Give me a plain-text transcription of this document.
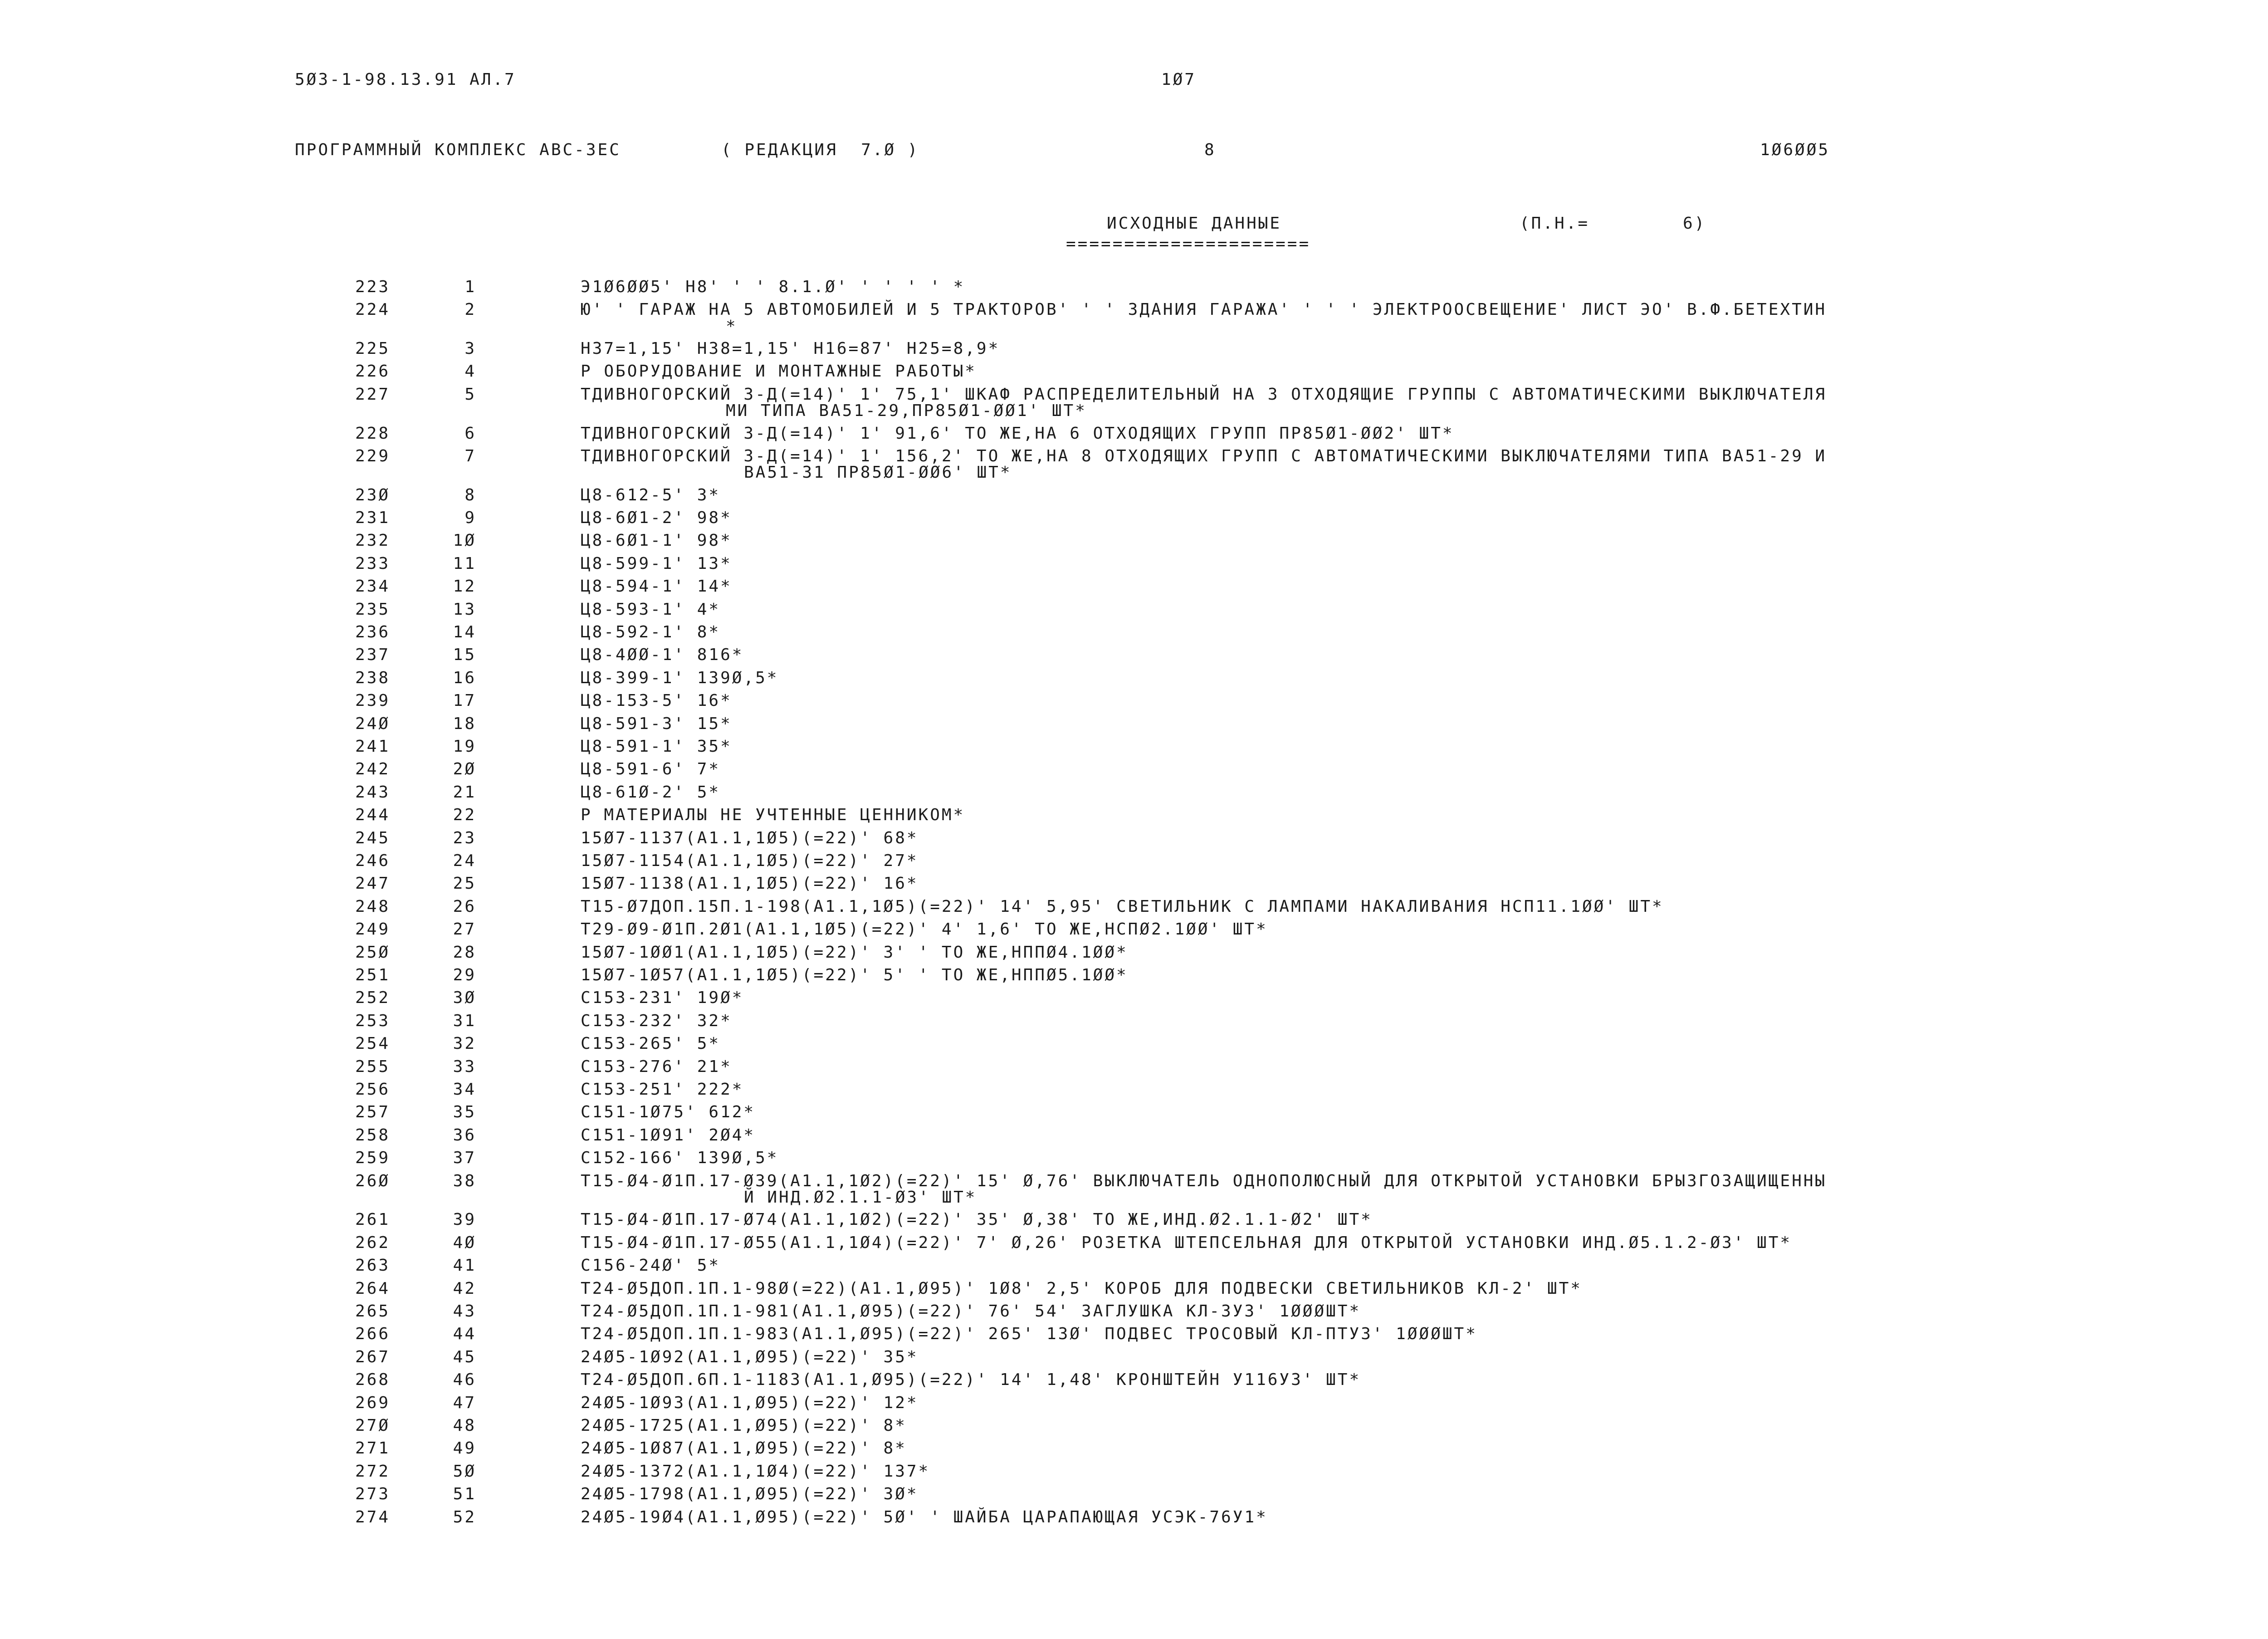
5Ø3-1-98.13.91 АЛ.7	1Ø7
ПРОГРАММНЫЙ КОМПЛЕКС АВС-3ЕС	( РЕДАКЦИЯ  7.Ø )	8	1Ø6ØØ5
ИСХОДНЫЕ ДАННЫЕ
=====================
(П.Н.=	6)
223	1	Э1Ø6ØØ5' Н8' ' ' 8.1.Ø' ' ' ' ' *
224	2	Ю' ' ГАРАЖ НА 5 АВТОМОБИЛЕЙ И 5 ТРАКТОРОВ' ' ' ЗДАНИЯ ГАРАЖА' ' ' ' ЭЛЕКТРООСВЕЩЕНИЕ' ЛИСТ ЭО' В.Ф.БЕТЕХТИН
*
225	3	Н37=1,15' Н38=1,15' Н16=87' Н25=8,9*
226	4	Р ОБОРУДОВАНИЕ И МОНТАЖНЫЕ РАБОТЫ*
227	5	ТДИВНОГОРСКИЙ З-Д(=14)' 1' 75,1' ШКАФ РАСПРЕДЕЛИТЕЛЬНЫЙ НА 3 ОТХОДЯЩИЕ ГРУППЫ С АВТОМАТИЧЕСКИМИ ВЫКЛЮЧАТЕЛЯ
МИ ТИПА ВА51-29,ПР85Ø1-ØØ1' ШТ*
228	6	ТДИВНОГОРСКИЙ З-Д(=14)' 1' 91,6' ТО ЖЕ,НА 6 ОТХОДЯЩИХ ГРУПП ПР85Ø1-ØØ2' ШТ*
229	7	ТДИВНОГОРСКИЙ З-Д(=14)' 1' 156,2' ТО ЖЕ,НА 8 ОТХОДЯЩИХ ГРУПП С АВТОМАТИЧЕСКИМИ ВЫКЛЮЧАТЕЛЯМИ ТИПА ВА51-29 И
ВА51-31 ПР85Ø1-ØØ6' ШТ*
23Ø	8	Ц8-612-5' 3*
231	9	Ц8-6Ø1-2' 98*
232	1Ø	Ц8-6Ø1-1' 98*
233	11	Ц8-599-1' 13*
234	12	Ц8-594-1' 14*
235	13	Ц8-593-1' 4*
236	14	Ц8-592-1' 8*
237	15	Ц8-4ØØ-1' 816*
238	16	Ц8-399-1' 139Ø,5*
239	17	Ц8-153-5' 16*
24Ø	18	Ц8-591-3' 15*
241	19	Ц8-591-1' 35*
242	2Ø	Ц8-591-6' 7*
243	21	Ц8-61Ø-2' 5*
244	22	Р МАТЕРИАЛЫ НЕ УЧТЕННЫЕ ЦЕННИКОМ*
245	23	15Ø7-1137(А1.1,1Ø5)(=22)' 68*
246	24	15Ø7-1154(А1.1,1Ø5)(=22)' 27*
247	25	15Ø7-1138(А1.1,1Ø5)(=22)' 16*
248	26	Т15-Ø7ДОП.15П.1-198(А1.1,1Ø5)(=22)' 14' 5,95' СВЕТИЛЬНИК С ЛАМПАМИ НАКАЛИВАНИЯ НСП11.1ØØ' ШТ*
249	27	Т29-Ø9-Ø1П.2Ø1(А1.1,1Ø5)(=22)' 4' 1,6' ТО ЖЕ,НСПØ2.1ØØ' ШТ*
25Ø	28	15Ø7-1ØØ1(А1.1,1Ø5)(=22)' 3' ' ТО ЖЕ,НППØ4.1ØØ*
251	29	15Ø7-1Ø57(А1.1,1Ø5)(=22)' 5' ' ТО ЖЕ,НППØ5.1ØØ*
252	3Ø	С153-231' 19Ø*
253	31	С153-232' 32*
254	32	С153-265' 5*
255	33	С153-276' 21*
256	34	С153-251' 222*
257	35	С151-1Ø75' 612*
258	36	С151-1Ø91' 2Ø4*
259	37	С152-166' 139Ø,5*
26Ø	38	Т15-Ø4-Ø1П.17-Ø39(А1.1,1Ø2)(=22)' 15' Ø,76' ВЫКЛЮЧАТЕЛЬ ОДНОПОЛЮСНЫЙ ДЛЯ ОТКРЫТОЙ УСТАНОВКИ БРЫЗГОЗАЩИЩЕННЫ
Й ИНД.Ø2.1.1-Ø3' ШТ*
261	39	Т15-Ø4-Ø1П.17-Ø74(А1.1,1Ø2)(=22)' 35' Ø,38' ТО ЖЕ,ИНД.Ø2.1.1-Ø2' ШТ*
262	4Ø	Т15-Ø4-Ø1П.17-Ø55(А1.1,1Ø4)(=22)' 7' Ø,26' РОЗЕТКА ШТЕПСЕЛЬНАЯ ДЛЯ ОТКРЫТОЙ УСТАНОВКИ ИНД.Ø5.1.2-Ø3' ШТ*
263	41	С156-24Ø' 5*
264	42	Т24-Ø5ДОП.1П.1-98Ø(=22)(А1.1,Ø95)' 1Ø8' 2,5' КОРОБ ДЛЯ ПОДВЕСКИ СВЕТИЛЬНИКОВ КЛ-2' ШТ*
265	43	Т24-Ø5ДОП.1П.1-981(А1.1,Ø95)(=22)' 76' 54' ЗАГЛУШКА КЛ-3У3' 1ØØØШТ*
266	44	Т24-Ø5ДОП.1П.1-983(А1.1,Ø95)(=22)' 265' 13Ø' ПОДВЕС ТРОСОВЫЙ КЛ-ПТУ3' 1ØØØШТ*
267	45	24Ø5-1Ø92(А1.1,Ø95)(=22)' 35*
268	46	Т24-Ø5ДОП.6П.1-1183(А1.1,Ø95)(=22)' 14' 1,48' КРОНШТЕЙН У116У3' ШТ*
269	47	24Ø5-1Ø93(А1.1,Ø95)(=22)' 12*
27Ø	48	24Ø5-1725(А1.1,Ø95)(=22)' 8*
271	49	24Ø5-1Ø87(А1.1,Ø95)(=22)' 8*
272	5Ø	24Ø5-1372(А1.1,1Ø4)(=22)' 137*
273	51	24Ø5-1798(А1.1,Ø95)(=22)' 3Ø*
274	52	24Ø5-19Ø4(А1.1,Ø95)(=22)' 5Ø' ' ШАЙБА ЦАРАПАЮЩАЯ УСЭК-76У1*
